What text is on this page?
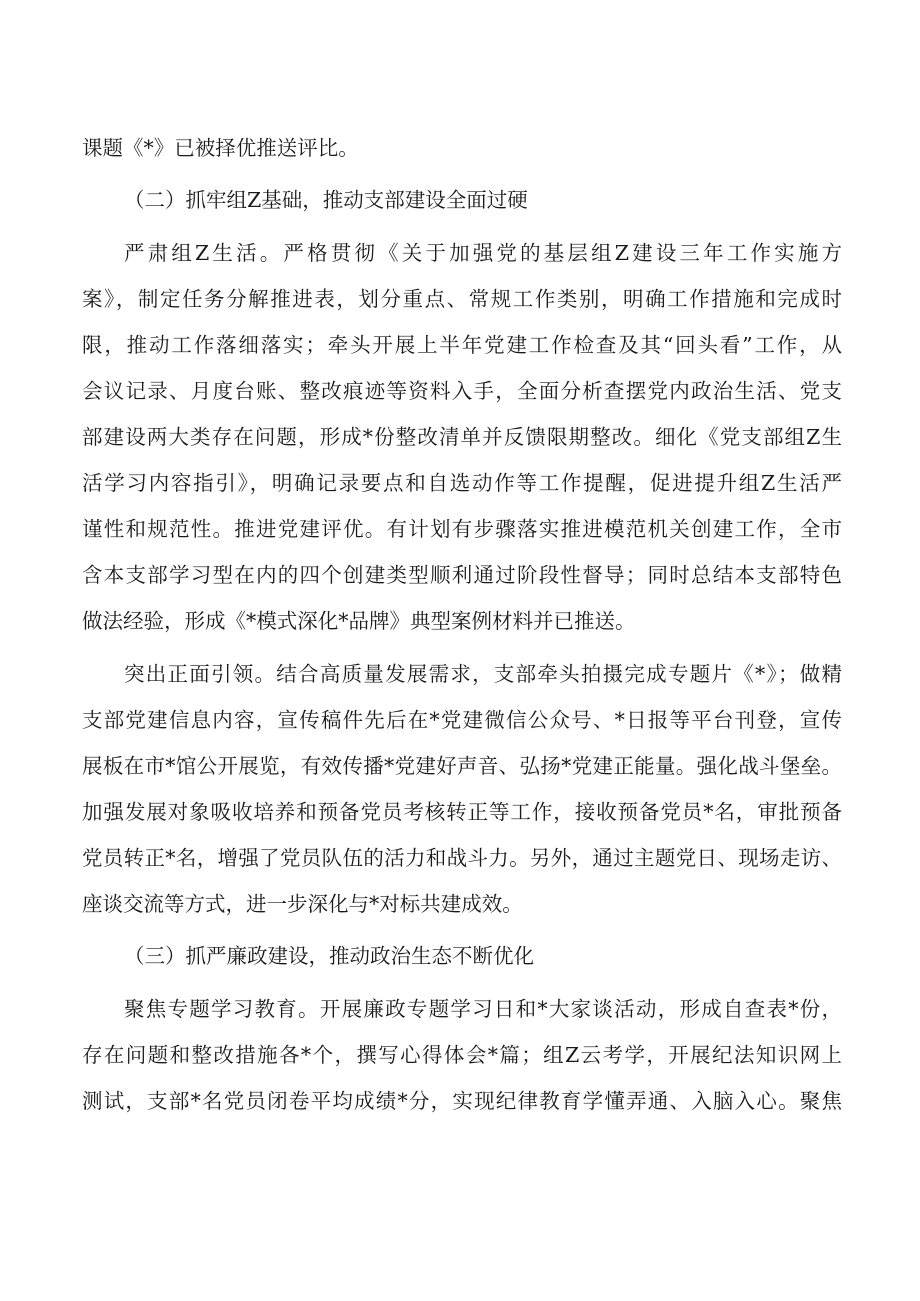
课题《*》已被择优推送评比。
（二）抓牢组Z基础，推动支部建设全面过硬
严肃组Z生活。严格贯彻《关于加强党的基层组Z建设三年工作实施方
案》，制定任务分解推进表，划分重点、常规工作类别，明确工作措施和完成时
限，推动工作落细落实；牵头开展上半年党建工作检查及其“回头看”工作，从
会议记录、月度台账、整改痕迹等资料入手，全面分析查摆党内政治生活、党支
部建设两大类存在问题，形成*份整改清单并反馈限期整改。细化《党支部组Z生
活学习内容指引》，明确记录要点和自选动作等工作提醒，促进提升组Z生活严
谨性和规范性。推进党建评优。有计划有步骤落实推进模范机关创建工作，全市
含本支部学习型在内的四个创建类型顺利通过阶段性督导；同时总结本支部特色
做法经验，形成《*模式深化*品牌》典型案例材料并已推送。
突出正面引领。结合高质量发展需求，支部牵头拍摄完成专题片《*》；做精
支部党建信息内容，宣传稿件先后在*党建微信公众号、*日报等平台刊登，宣传
展板在市*馆公开展览，有效传播*党建好声音、弘扬*党建正能量。强化战斗堡垒。
加强发展对象吸收培养和预备党员考核转正等工作，接收预备党员*名，审批预备
党员转正*名，增强了党员队伍的活力和战斗力。另外，通过主题党日、现场走访、
座谈交流等方式，进一步深化与*对标共建成效。
（三）抓严廉政建设，推动政治生态不断优化
聚焦专题学习教育。开展廉政专题学习日和*大家谈活动，形成自查表*份，
存在问题和整改措施各*个，撰写心得体会*篇；组Z云考学，开展纪法知识网上
测试，支部*名党员闭卷平均成绩*分，实现纪律教育学懂弄通、入脑入心。聚焦
